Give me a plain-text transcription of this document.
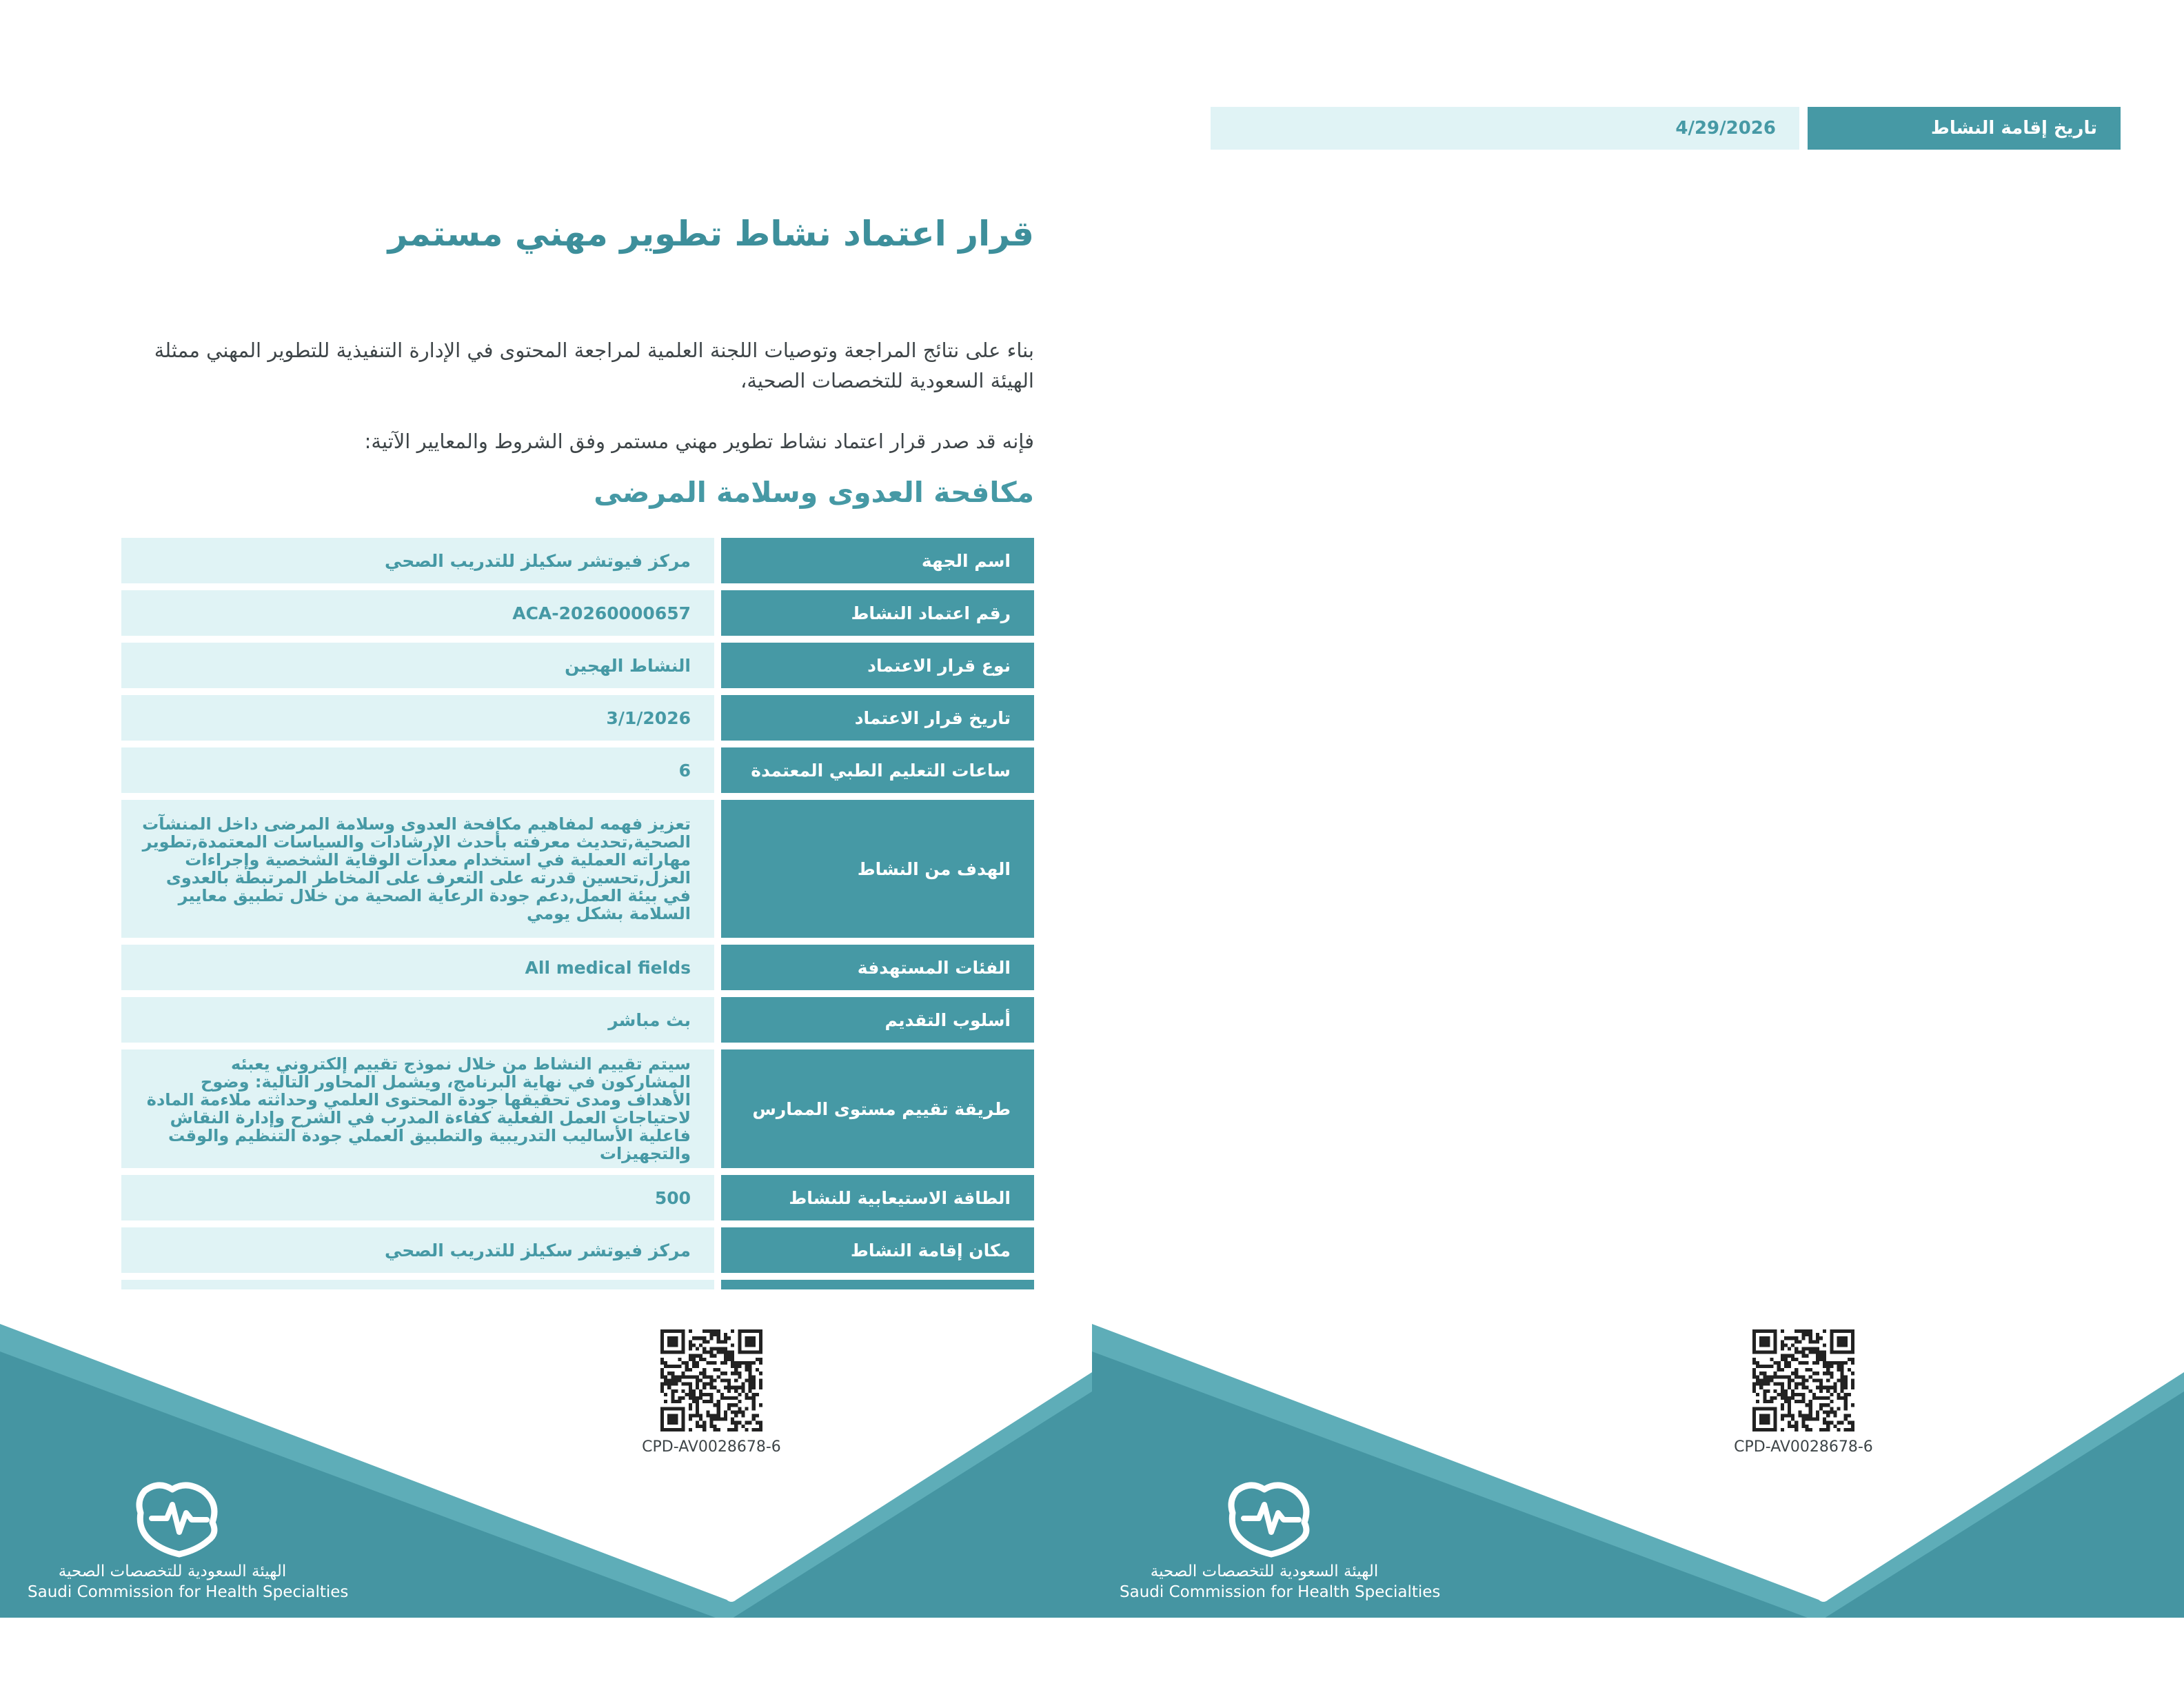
قرار اعتماد نشاط تطوير مهني مستمر

بناء على نتائج المراجعة وتوصيات اللجنة العلمية لمراجعة المحتوى في الإدارة التنفيذية للتطوير المهني ممثلة الهيئة السعودية للتخصصات الصحية،

فإنه قد صدر قرار اعتماد نشاط تطوير مهني مستمر وفق الشروط والمعايير الآتية:

مكافحة العدوى وسلامة المرضى
اسم الجهة
مركز فيوتشر سكيلز للتدريب الصحي
رقم اعتماد النشاط
ACA-20260000657
نوع قرار الاعتماد
النشاط الهجين
تاريخ قرار الاعتماد
3/1/2026
ساعات التعليم الطبي المعتمدة
6
الهدف من النشاط
تعزيز فهمه لمفاهيم مكافحة العدوى وسلامة المرضى داخل المنشآت الصحية,تحديث معرفته بأحدث الإرشادات والسياسات المعتمدة,تطوير مهاراته العملية في استخدام معدات الوقاية الشخصية وإجراءات العزل,تحسين قدرته على التعرف على المخاطر المرتبطة بالعدوى في بيئة العمل,دعم جودة الرعاية الصحية من خلال تطبيق معايير السلامة بشكل يومي
الفئات المستهدفة
All medical fields
أسلوب التقديم
بث مباشر
طريقة تقييم مستوى الممارس
سيتم تقييم النشاط من خلال نموذج تقييم إلكتروني يعبئه المشاركون في نهاية البرنامج، ويشمل المحاور التالية: وضوح الأهداف ومدى تحقيقها جودة المحتوى العلمي وحداثته ملاءمة المادة لاحتياجات العمل الفعلية كفاءة المدرب في الشرح وإدارة النقاش فاعلية الأساليب التدريبية والتطبيق العملي جودة التنظيم والوقت والتجهيزات
الطاقة الاستيعابية للنشاط
500
مكان إقامة النشاط
مركز فيوتشر سكيلز للتدريب الصحي
CPD-AV0028678-6
الهيئة السعودية للتخصصات الصحية
Saudi Commission for Health Specialties
تاريخ إقامة النشاط
4/29/2026
CPD-AV0028678-6
الهيئة السعودية للتخصصات الصحية
Saudi Commission for Health Specialties
